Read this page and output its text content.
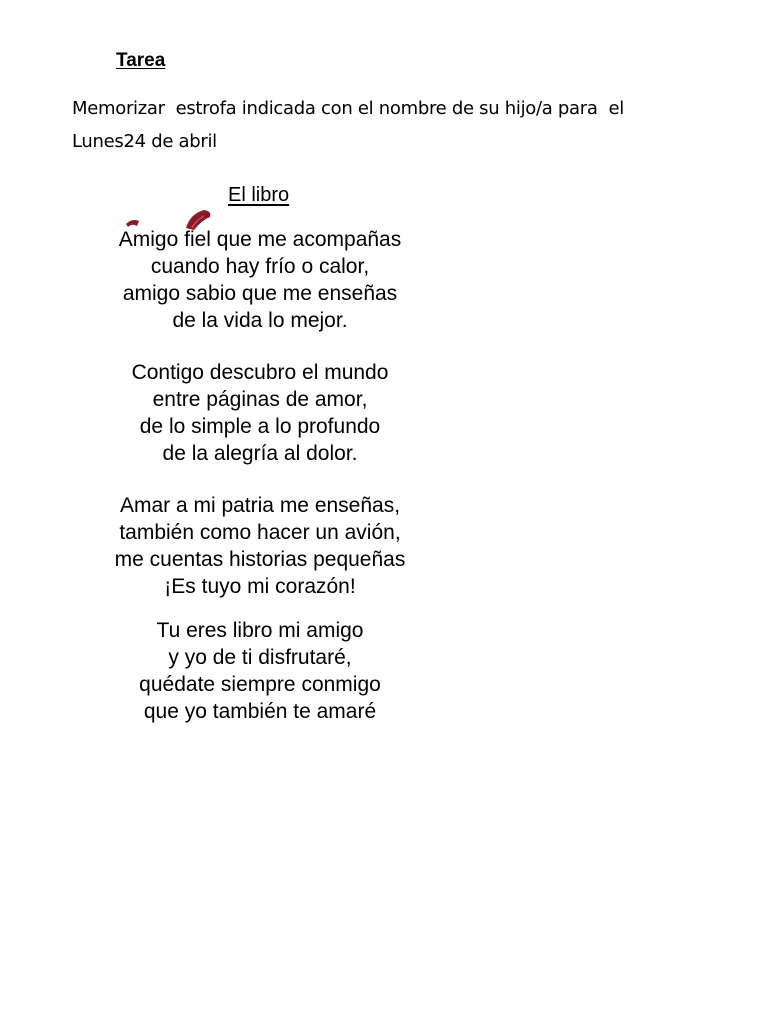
Tarea
Memorizar  estrofa indicada con el nombre de su hijo/a para  el
Lunes24 de abril
El libro
Amigo fiel que me acompañas
cuando hay frío o calor,
amigo sabio que me enseñas
de la vida lo mejor.
Contigo descubro el mundo
entre páginas de amor,
de lo simple a lo profundo
de la alegría al dolor.
Amar a mi patria me enseñas,
también como hacer un avión,
me cuentas historias pequeñas
¡Es tuyo mi corazón!
Tu eres libro mi amigo
y yo de ti disfrutaré,
quédate siempre conmigo
que yo también te amaré
